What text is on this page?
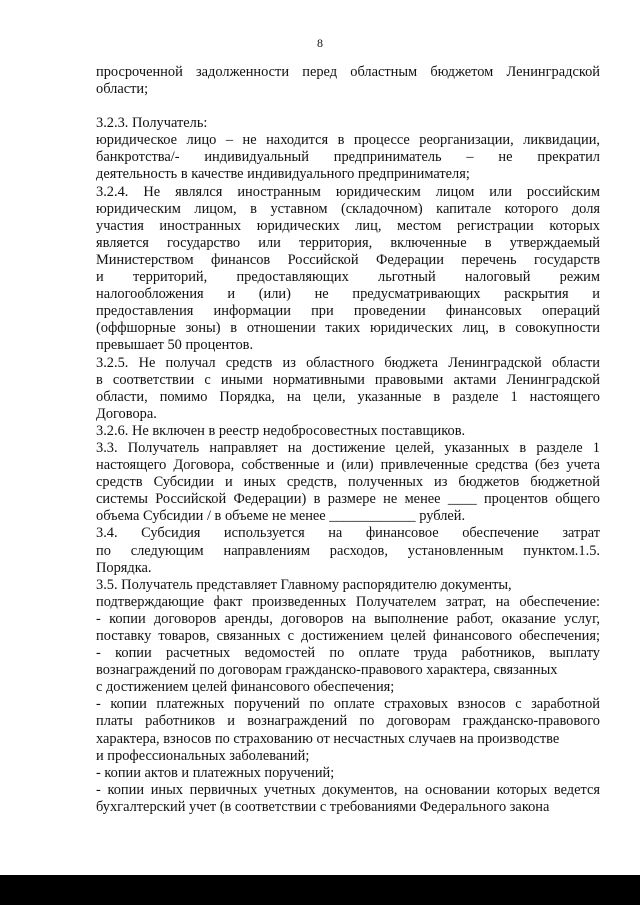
8
просроченной задолженности перед областным бюджетом Ленинградской
области;
3.2.3. Получатель:
юридическое лицо – не находится в процессе реорганизации, ликвидации,
банкротства/- индивидуальный предприниматель – не прекратил
деятельность в качестве индивидуального предпринимателя;
3.2.4. Не являлся иностранным юридическим лицом или российским
юридическим лицом, в уставном (складочном) капитале которого доля
участия иностранных юридических лиц, местом регистрации которых
является государство или территория, включенные в утверждаемый
Министерством финансов Российской Федерации перечень государств
и территорий, предоставляющих льготный налоговый режим
налогообложения и (или) не предусматривающих раскрытия и
предоставления информации при проведении финансовых операций
(оффшорные зоны) в отношении таких юридических лиц, в совокупности
превышает 50 процентов.
3.2.5. Не получал средств из областного бюджета Ленинградской области
в соответствии с иными нормативными правовыми актами Ленинградской
области, помимо Порядка, на цели, указанные в разделе 1 настоящего
Договора.
3.2.6. Не включен в реестр недобросовестных поставщиков.
3.3. Получатель направляет на достижение целей, указанных в разделе 1
настоящего Договора, собственные и (или) привлеченные средства (без учета
средств Субсидии и иных средств, полученных из бюджетов бюджетной
системы Российской Федерации) в размере не менее ____ процентов общего
объема Субсидии / в объеме не менее ____________ рублей.
3.4. Субсидия используется на финансовое обеспечение затрат
по следующим направлениям расходов, установленным пунктом.1.5.
Порядка.
3.5. Получатель представляет Главному распорядителю документы,
подтверждающие факт произведенных Получателем затрат, на обеспечение:
- копии договоров аренды, договоров на выполнение работ, оказание услуг,
поставку товаров, связанных с достижением целей финансового обеспечения;
- копии расчетных ведомостей по оплате труда работников, выплату
вознаграждений по договорам гражданско-правового характера, связанных
с достижением целей финансового обеспечения;
- копии платежных поручений по оплате страховых взносов с заработной
платы работников и вознаграждений по договорам гражданско-правового
характера, взносов по страхованию от несчастных случаев на производстве
и профессиональных заболеваний;
- копии актов и платежных поручений;
- копии иных первичных учетных документов, на основании которых ведется
бухгалтерский учет (в соответствии с требованиями Федерального закона
